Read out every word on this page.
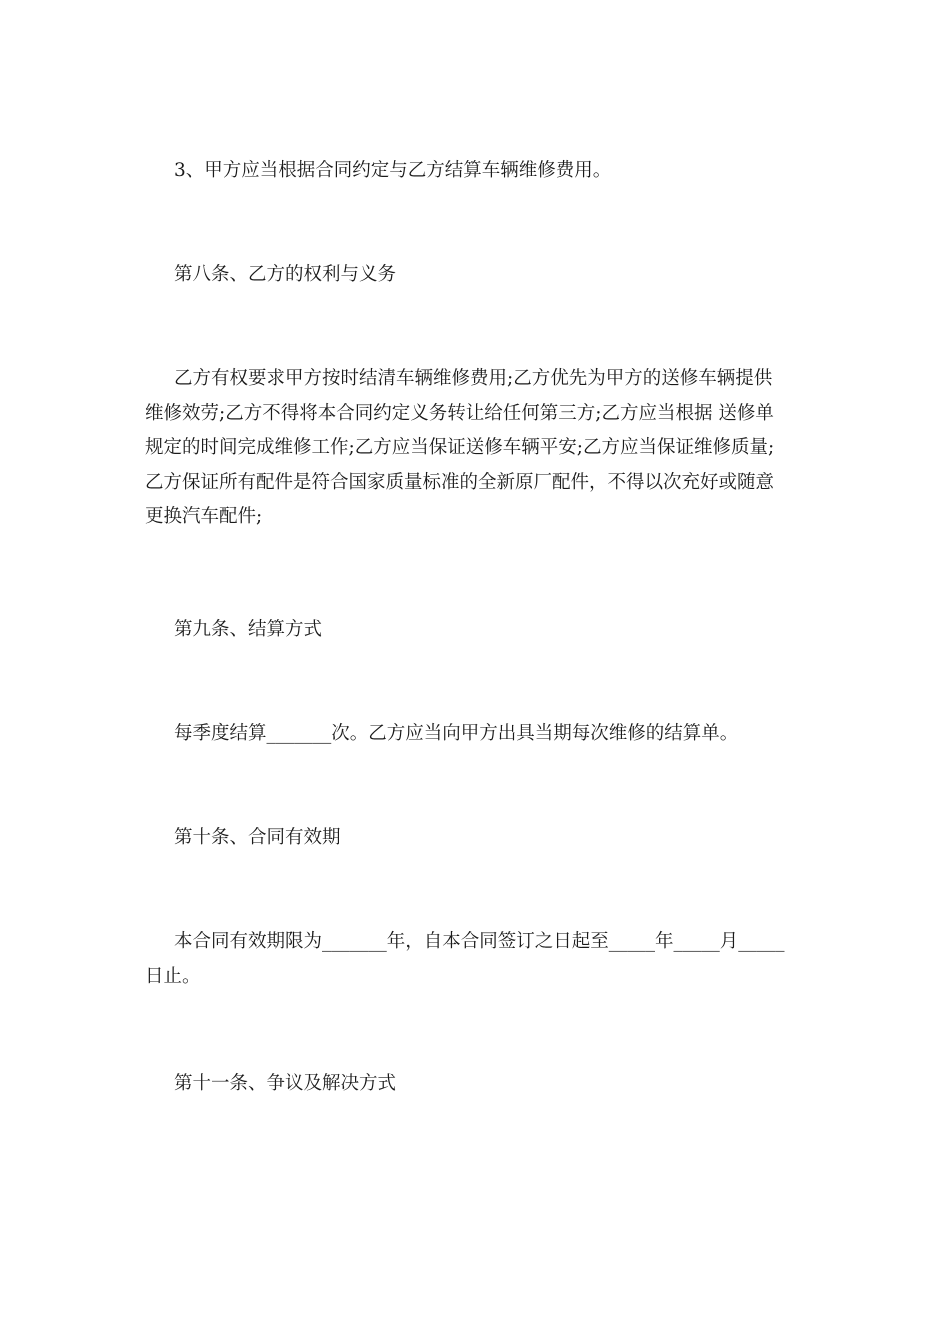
3、甲方应当根据合同约定与乙方结算车辆维修费用。

第八条、乙方的权利与义务

乙方有权要求甲方按时结清车辆维修费用;乙方优先为甲方的送修车辆提供
维修效劳;乙方不得将本合同约定义务转让给任何第三方;乙方应当根据 送修单
规定的时间完成维修工作;乙方应当保证送修车辆平安;乙方应当保证维修质量;
乙方保证所有配件是符合国家质量标准的全新原厂配件，不得以次充好或随意
更换汽车配件;

第九条、结算方式

每季度结算_______次。乙方应当向甲方出具当期每次维修的结算单。

第十条、合同有效期

本合同有效期限为_______年，自本合同签订之日起至_____年_____月_____
日止。

第十一条、争议及解决方式
